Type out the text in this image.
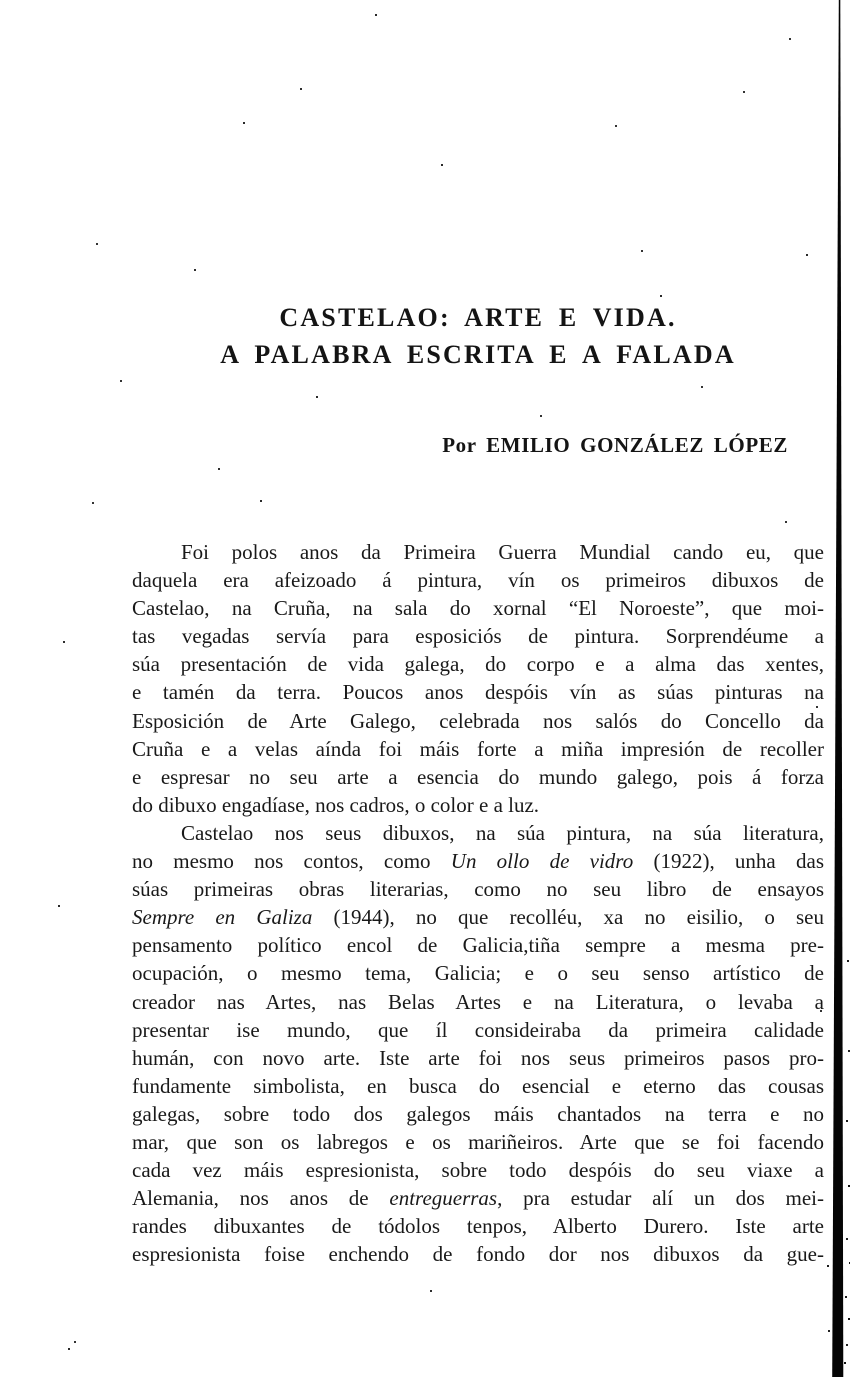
CASTELAO: ARTE E VIDA.
A PALABRA ESCRITA E A FALADA
Por EMILIO GONZÁLEZ LÓPEZ
Foi polos anos da Primeira Guerra Mundial cando eu, que
daquela era afeizoado á pintura, vín os primeiros dibuxos de
Castelao, na Cruña, na sala do xornal “El Noroeste”, que moi-
tas vegadas servía para esposiciós de pintura. Sorprendéume a
súa presentación de vida galega, do corpo e a alma das xentes,
e tamén da terra. Poucos anos despóis vín as súas pinturas na
Esposición de Arte Galego, celebrada nos salós do Concello da
Cruña e a velas aínda foi máis forte a miña impresión de recoller
e espresar no seu arte a esencia do mundo galego, pois á forza
do dibuxo engadíase, nos cadros, o color e a luz.
Castelao nos seus dibuxos, na súa pintura, na súa literatura,
no mesmo nos contos, como Un ollo de vidro (1922), unha das
súas primeiras obras literarias, como no seu libro de ensayos
Sempre en Galiza (1944), no que recolléu, xa no eisilio, o seu
pensamento político encol de Galicia,tiña sempre a mesma pre-
ocupación, o mesmo tema, Galicia; e o seu senso artístico de
creador nas Artes, nas Belas Artes e na Literatura, o levaba a
presentar ise mundo, que íl consideiraba da primeira calidade
humán, con novo arte. Iste arte foi nos seus primeiros pasos pro-
fundamente simbolista, en busca do esencial e eterno das cousas
galegas, sobre todo dos galegos máis chantados na terra e no
mar, que son os labregos e os mariñeiros. Arte que se foi facendo
cada vez máis espresionista, sobre todo despóis do seu viaxe a
Alemania, nos anos de entreguerras, pra estudar alí un dos mei-
randes dibuxantes de tódolos tenpos, Alberto Durero. Iste arte
espresionista foise enchendo de fondo dor nos dibuxos da gue-
